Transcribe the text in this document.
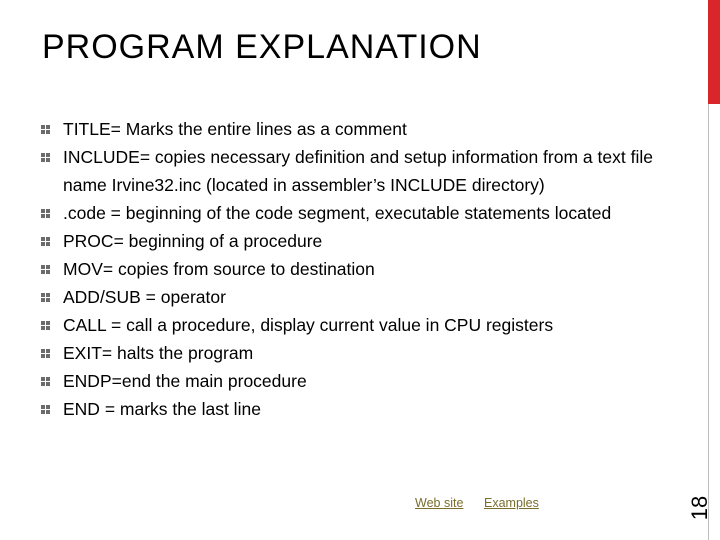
PROGRAM EXPLANATION
TITLE= Marks the entire lines as a comment
INCLUDE= copies necessary definition and setup information from a text file name Irvine32.inc (located in assembler’s INCLUDE directory)
.code = beginning of the code segment, executable statements located
PROC= beginning of a procedure
MOV= copies from source to destination
ADD/SUB = operator
CALL = call a procedure, display current value in CPU registers
EXIT= halts the program
ENDP=end the main procedure
END = marks the last line
Web site Examples	18
